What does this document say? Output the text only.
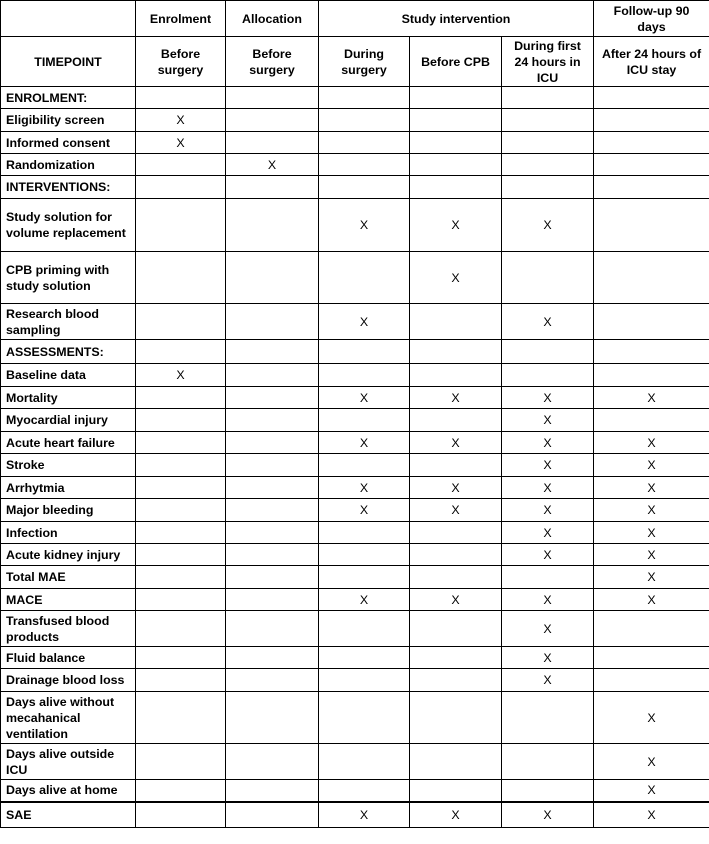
	Enrolment	Allocation	Study intervention			Follow-up 90 days
TIMEPOINT	Before surgery	Before surgery	During surgery	Before CPB	During first 24 hours in ICU	After 24 hours of ICU stay
ENROLMENT:						
Eligibility screen	X					
Informed consent	X					
Randomization		X				
INTERVENTIONS:						
Study solution for volume replacement			X	X	X	
CPB priming with study solution				X		
Research blood sampling			X		X	
ASSESSMENTS:						
Baseline data	X					
Mortality			X	X	X	X
Myocardial injury					X	
Acute heart failure			X	X	X	X
Stroke					X	X
Arrhytmia			X	X	X	X
Major bleeding			X	X	X	X
Infection					X	X
Acute kidney injury					X	X
Total MAE						X
MACE			X	X	X	X
Transfused blood products					X	
Fluid balance					X	
Drainage blood loss					X	
Days alive without mecahanical ventilation						X
Days alive outside ICU						X
Days alive at home						X
SAE			X	X	X	X
